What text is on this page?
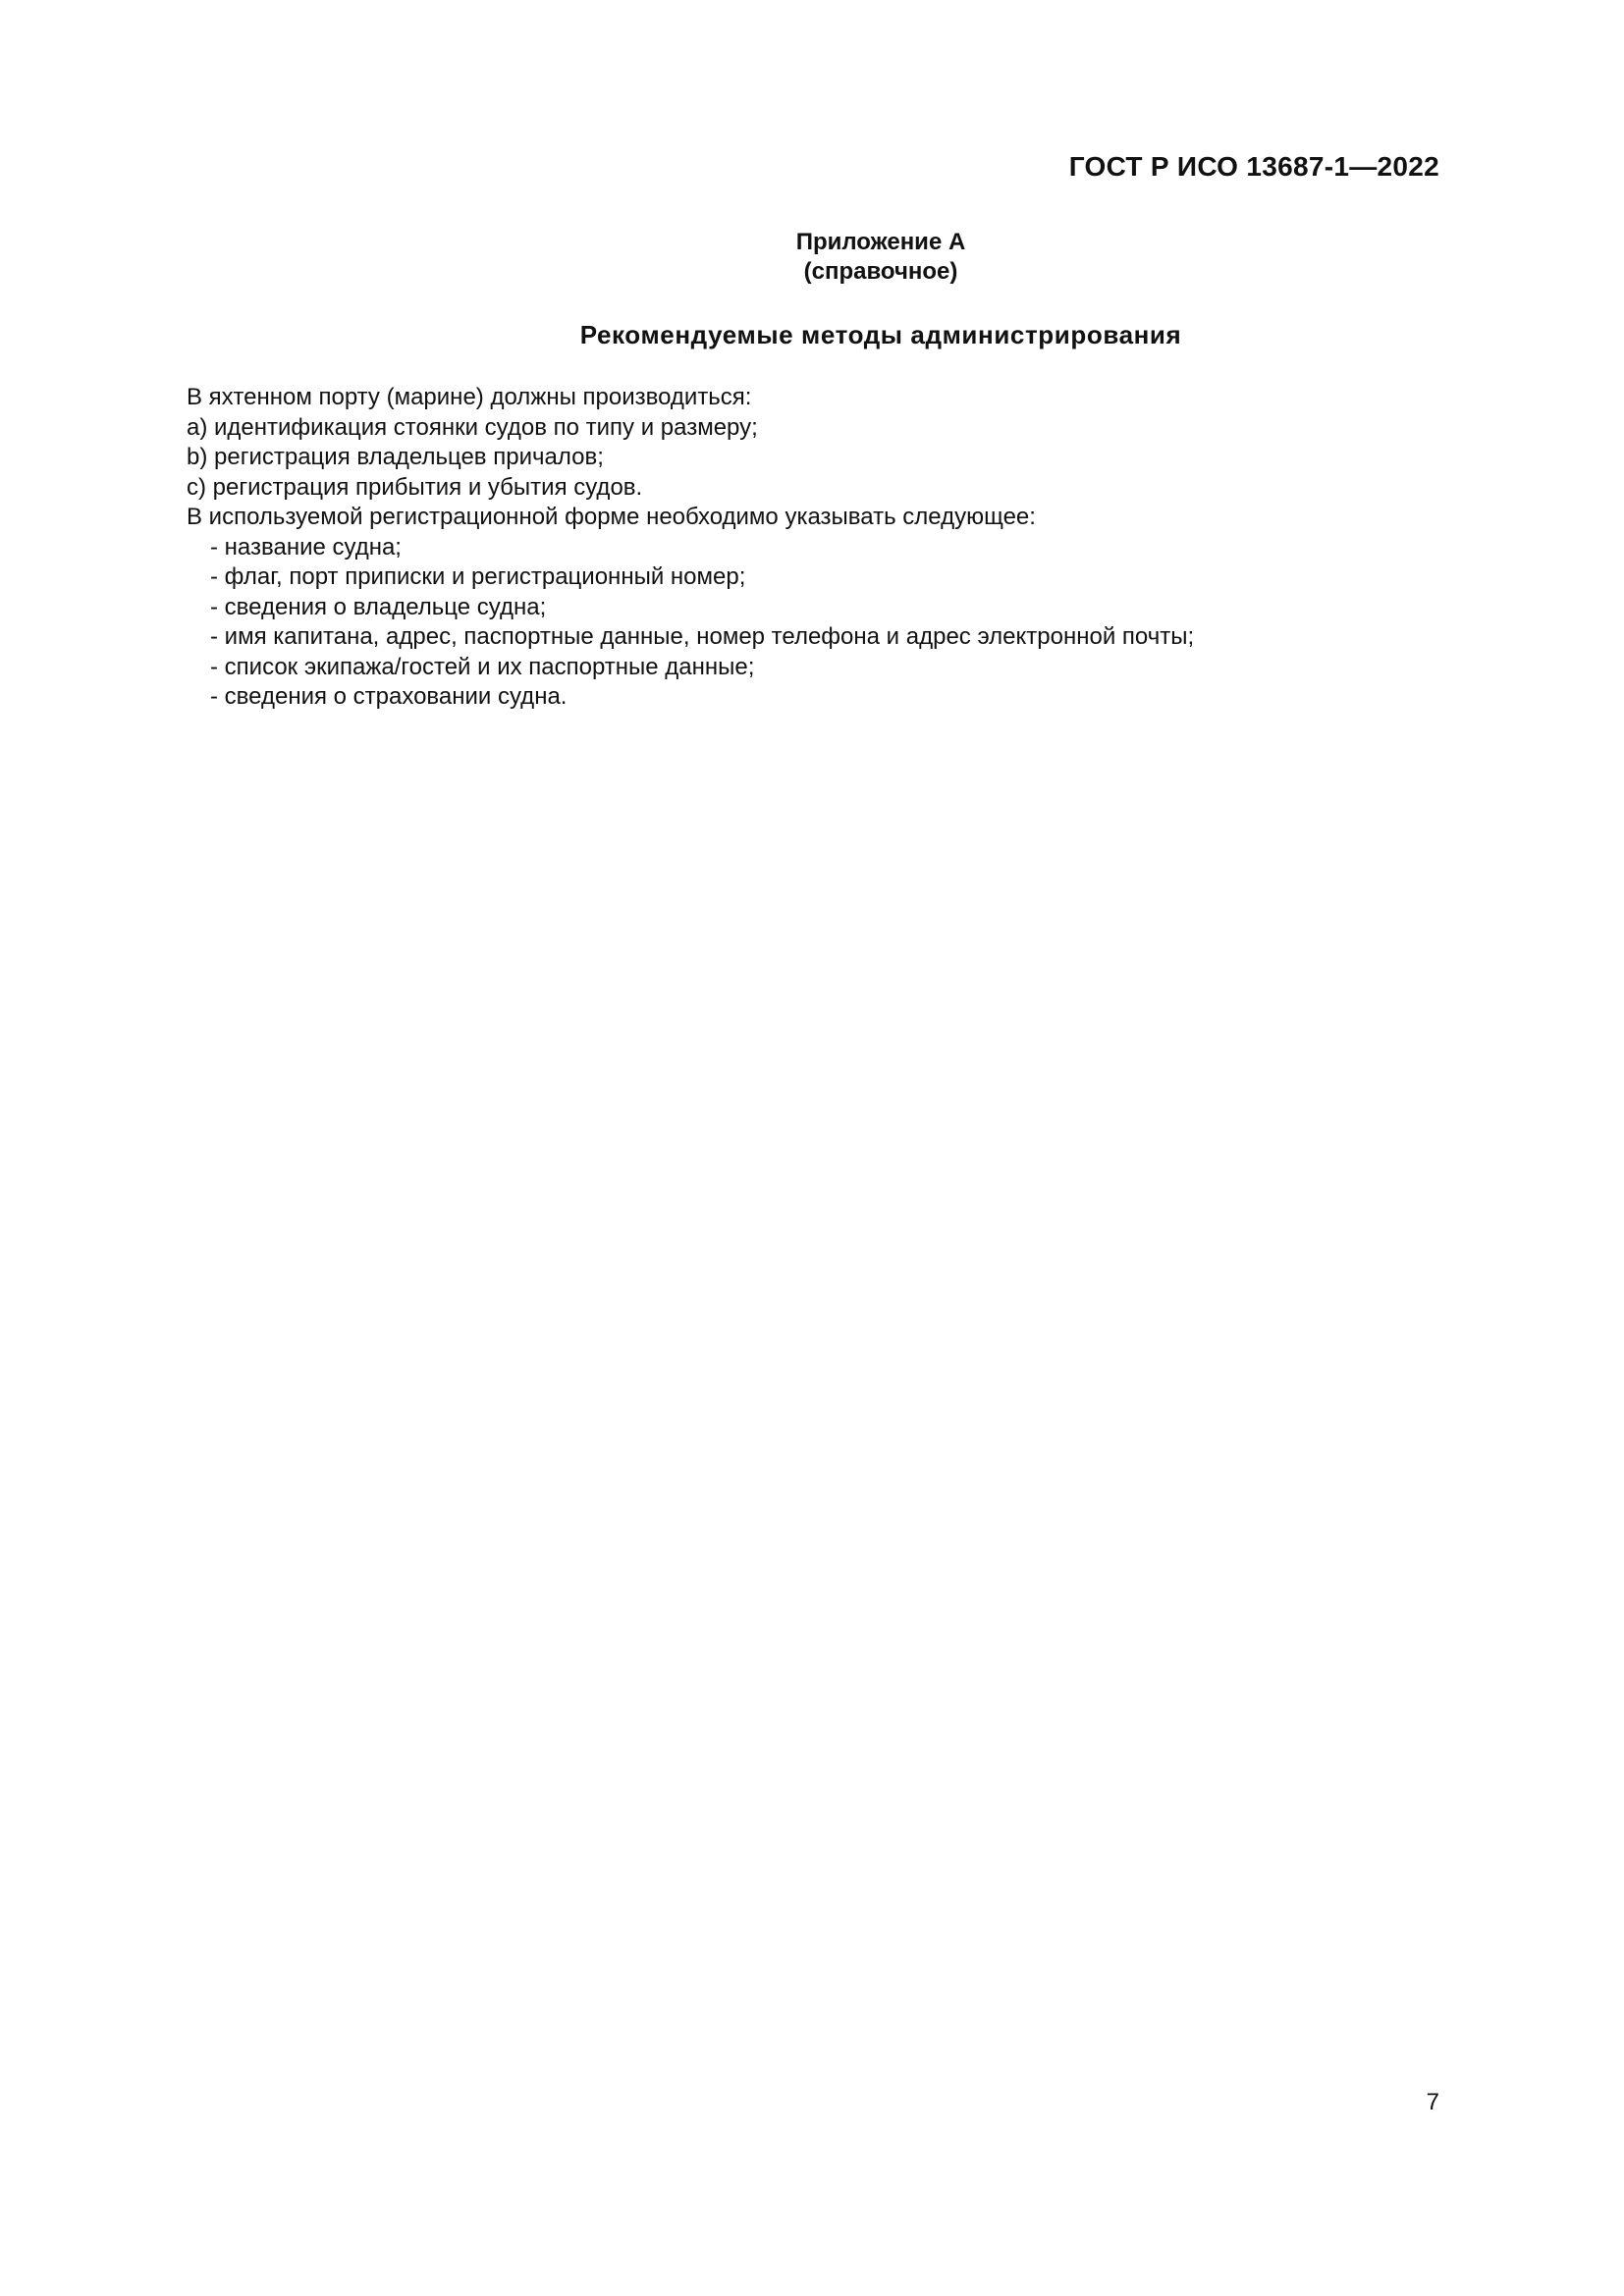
ГОСТ Р ИСО 13687-1—2022
Приложение А
(справочное)
Рекомендуемые методы администрирования
В яхтенном порту (марине) должны производиться:
а) идентификация стоянки судов по типу и размеру;
b) регистрация владельцев причалов;
с) регистрация прибытия и убытия судов.
В используемой регистрационной форме необходимо указывать следующее:
- название судна;
- флаг, порт приписки и регистрационный номер;
- сведения о владельце судна;
- имя капитана, адрес, паспортные данные, номер телефона и адрес электронной почты;
- список экипажа/гостей и их паспортные данные;
- сведения о страховании судна.
7
